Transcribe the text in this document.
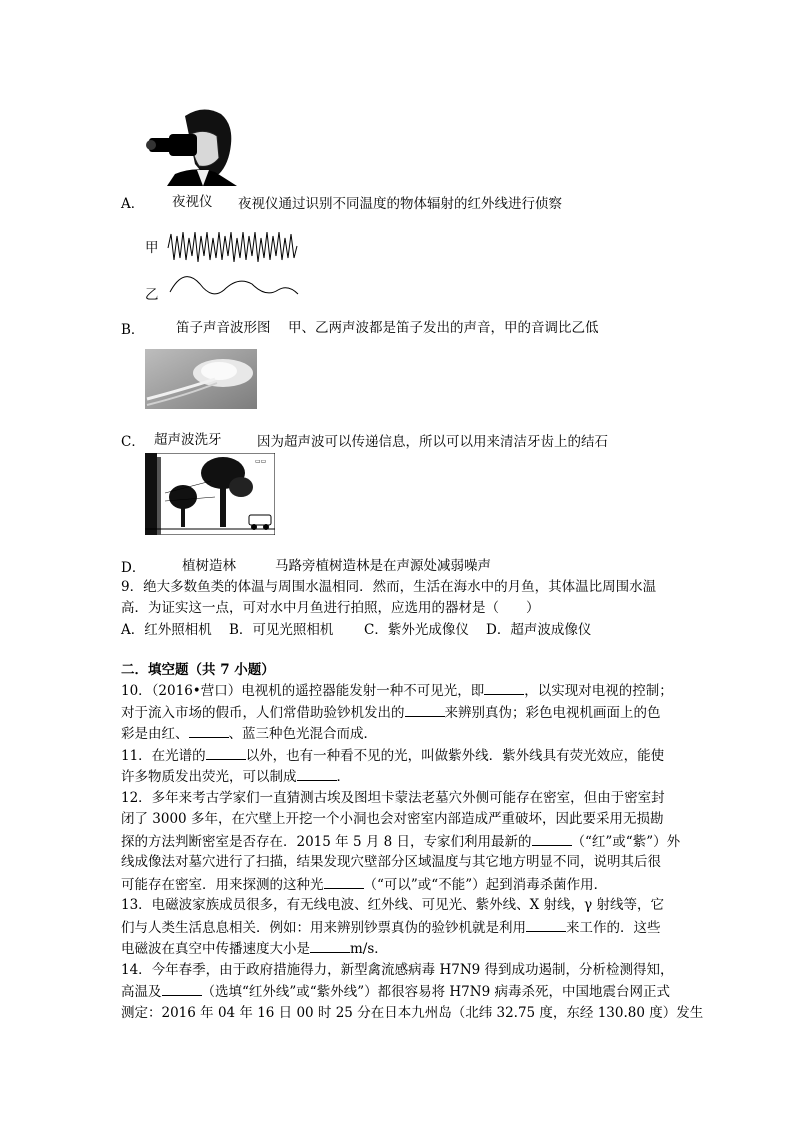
A． 夜视仪 夜视仪通过识别不同温度的物体辐射的红外线进行侦察
甲
乙
B． 笛子声音波形图 甲、乙两声波都是笛子发出的声音，甲的音调比乙低
C． 超声波洗牙	因为超声波可以传递信息，所以可以用来清洁牙齿上的结石
▭▭
D．	植树造林	马路旁植树造林是在声源处减弱噪声
9．绝大多数鱼类的体温与周围水温相同．然而，生活在海水中的月鱼，其体温比周围水温
高．为证实这一点，可对水中月鱼进行拍照，应选用的器材是（　　）
A．红外照相机 B．可见光照相机 C．紫外光成像仪 D．超声波成像仪
二．填空题（共 7 小题）
10．（2016•营口）电视机的遥控器能发射一种不可见光，即	，以实现对电视的控制；
对于流入市场的假币，人们常借助验钞机发出的	来辨别真伪；彩色电视机画面上的色
彩是由红、	、蓝三种色光混合而成．
11．在光谱的	以外，也有一种看不见的光，叫做紫外线．紫外线具有荧光效应，能使
许多物质发出荧光，可以制成	．
12．多年来考古学家们一直猜测古埃及图坦卡蒙法老墓穴外侧可能存在密室，但由于密室封
闭了 3000 多年，在穴壁上开挖一个小洞也会对密室内部造成严重破坏，因此要采用无损勘
探的方法判断密室是否存在．2015 年 5 月 8 日，专家们利用最新的	（“红”或“紫”）外
线成像法对墓穴进行了扫描，结果发现穴壁部分区域温度与其它地方明显不同，说明其后很
可能存在密室．用来探测的这种光	（“可以”或“不能”）起到消毒杀菌作用．
13．电磁波家族成员很多，有无线电波、红外线、可见光、紫外线、X 射线，γ 射线等，它
们与人类生活息息相关．例如：用来辨别钞票真伪的验钞机就是利用	来工作的．这些
电磁波在真空中传播速度大小是	m/s．
14．今年春季，由于政府措施得力，新型禽流感病毒 H7N9 得到成功遏制，分析检测得知，
高温及	（选填“红外线”或“紫外线”）都很容易将 H7N9 病毒杀死，中国地震台网正式
测定：2016 年 04 年 16 日 00 时 25 分在日本九州岛（北纬 32.75 度，东经 130.80 度）发生
